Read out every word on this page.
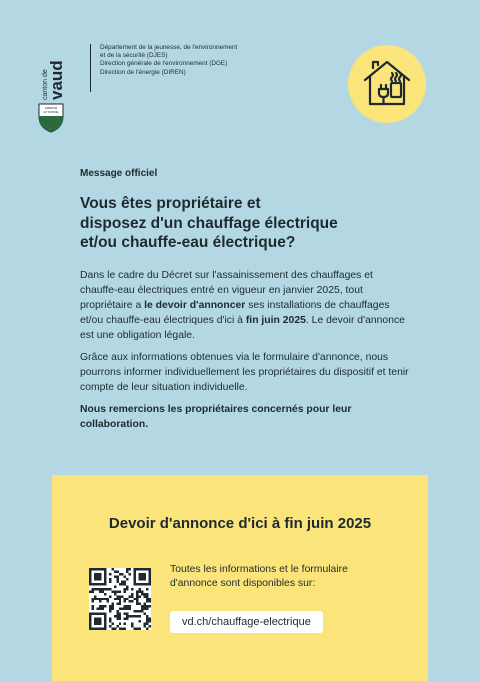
canton de
vaud
LIBERTÉ
ET PATRIE
Département de la jeunesse, de l'environnement
et de la sécurité (DJES)
Direction générale de l'environnement (DGE)
Direction de l'énergie (DIREN)
Message officiel
Vous êtes propriétaire et
disposez d'un chauffage électrique
et/ou chauffe-eau électrique?

Dans le cadre du Décret sur l'assainissement des chauffages et chauffe-eau électriques entré en vigueur en janvier 2025, tout propriétaire a le devoir d'annoncer ses installations de chauffages et/ou chauffe-eau électriques d'ici à fin juin 2025. Le devoir d'annonce est une obligation légale.

Grâce aux informations obtenues via le formulaire d'annonce, nous pourrons informer individuellement les propriétaires du dispositif et tenir compte de leur situation individuelle.

Nous remercions les propriétaires concernés pour leur collaboration.

Devoir d'annonce d'ici à fin juin 2025
Toutes les informations et le formulaire d'annonce sont disponibles sur:
vd.ch/chauffage-electrique
